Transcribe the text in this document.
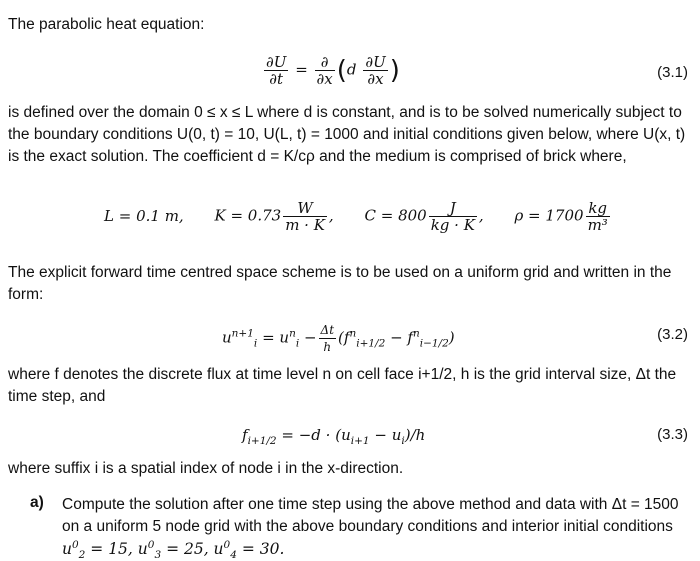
The parabolic heat equation:
$\frac{\partial U}{\partial t} = \frac{\partial}{\partial x} (d \frac{\partial U}{\partial x}$ )	(3.1)
is defined over the domain 0 ≤ x ≤ L where d is constant, and is to be solved numerically subject to the boundary conditions U(0, t) = 10, U(L, t) = 1000 and initial conditions given below, where U(x, t) is the exact solution. The coefficient d = K/cρ and the medium is comprised of brick where,
L = 0.1 m, $K = 0.73 \frac{W}{m \cdot K}$ , $C = 800 \frac{J}{kg \cdot K}$ , $\rho = 1700 \frac{kg}{\text{m³}}$
The explicit forward time centred space scheme is to be used on a uniform grid and written in the form:
$u^{n+1}_i = u^n_i - \frac{\Delta t}{h} (f^n_{i+1/2} - f^n_{i-1/2})$	(3.2)
where f denotes the discrete flux at time level n on cell face i+1/2, h is the grid interval size, Δt the time step, and
$f_{i+1/2} = -d \cdot (u_{i+1} - u_i)/h$	(3.3)
where suffix i is a spatial index of node i in the x-direction.
a) Compute the solution after one time step using the above method and data with Δt = 1500 on a uniform 5 node grid with the above boundary conditions and interior initial conditions $u^0_2 = 15$, $u^0_3 = 25$, $u^0_4 = 30$.
